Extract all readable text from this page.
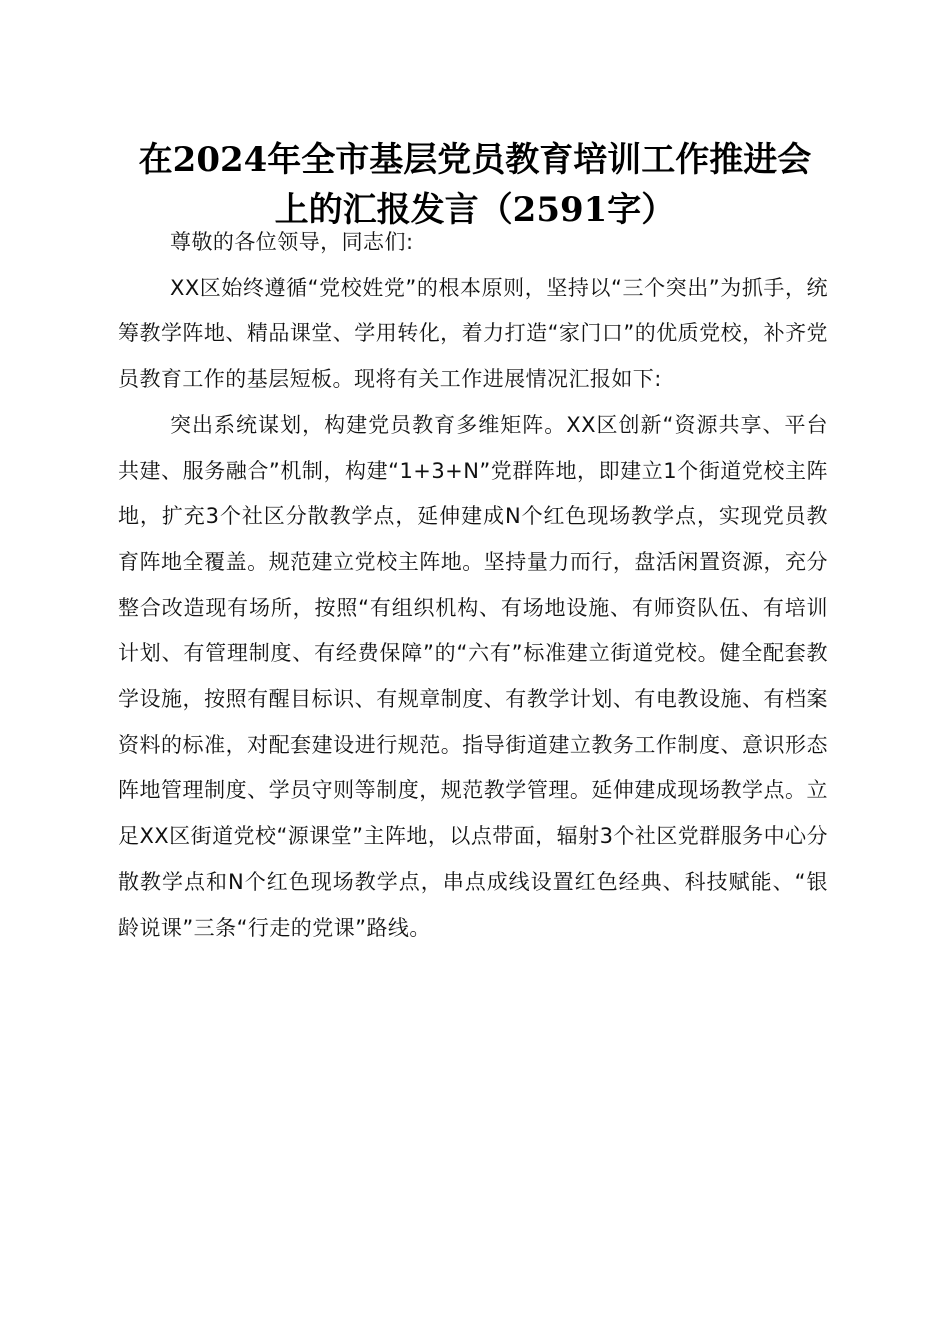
在2024年全市基层党员教育培训工作推进会
上的汇报发言（2591字）

尊敬的各位领导，同志们:

XX区始终遵循“党校姓党”的根本原则，坚持以“三个突出”为抓手，统筹教学阵地、精品课堂、学用转化，着力打造“家门口”的优质党校，补齐党员教育工作的基层短板。现将有关工作进展情况汇报如下:

突出系统谋划，构建党员教育多维矩阵。XX区创新“资源共享、平台共建、服务融合”机制，构建“1+3+N”党群阵地，即建立1个街道党校主阵地，扩充3个社区分散教学点，延伸建成N个红色现场教学点，实现党员教育阵地全覆盖。规范建立党校主阵地。坚持量力而行，盘活闲置资源，充分整合改造现有场所，按照“有组织机构、有场地设施、有师资队伍、有培训计划、有管理制度、有经费保障”的“六有”标准建立街道党校。健全配套教学设施，按照有醒目标识、有规章制度、有教学计划、有电教设施、有档案资料的标准，对配套建设进行规范。指导街道建立教务工作制度、意识形态阵地管理制度、学员守则等制度，规范教学管理。延伸建成现场教学点。立足XX区街道党校“源课堂”主阵地，以点带面，辐射3个社区党群服务中心分散教学点和N个红色现场教学点，串点成线设置红色经典、科技赋能、“银龄说课”三条“行走的党课”路线。
